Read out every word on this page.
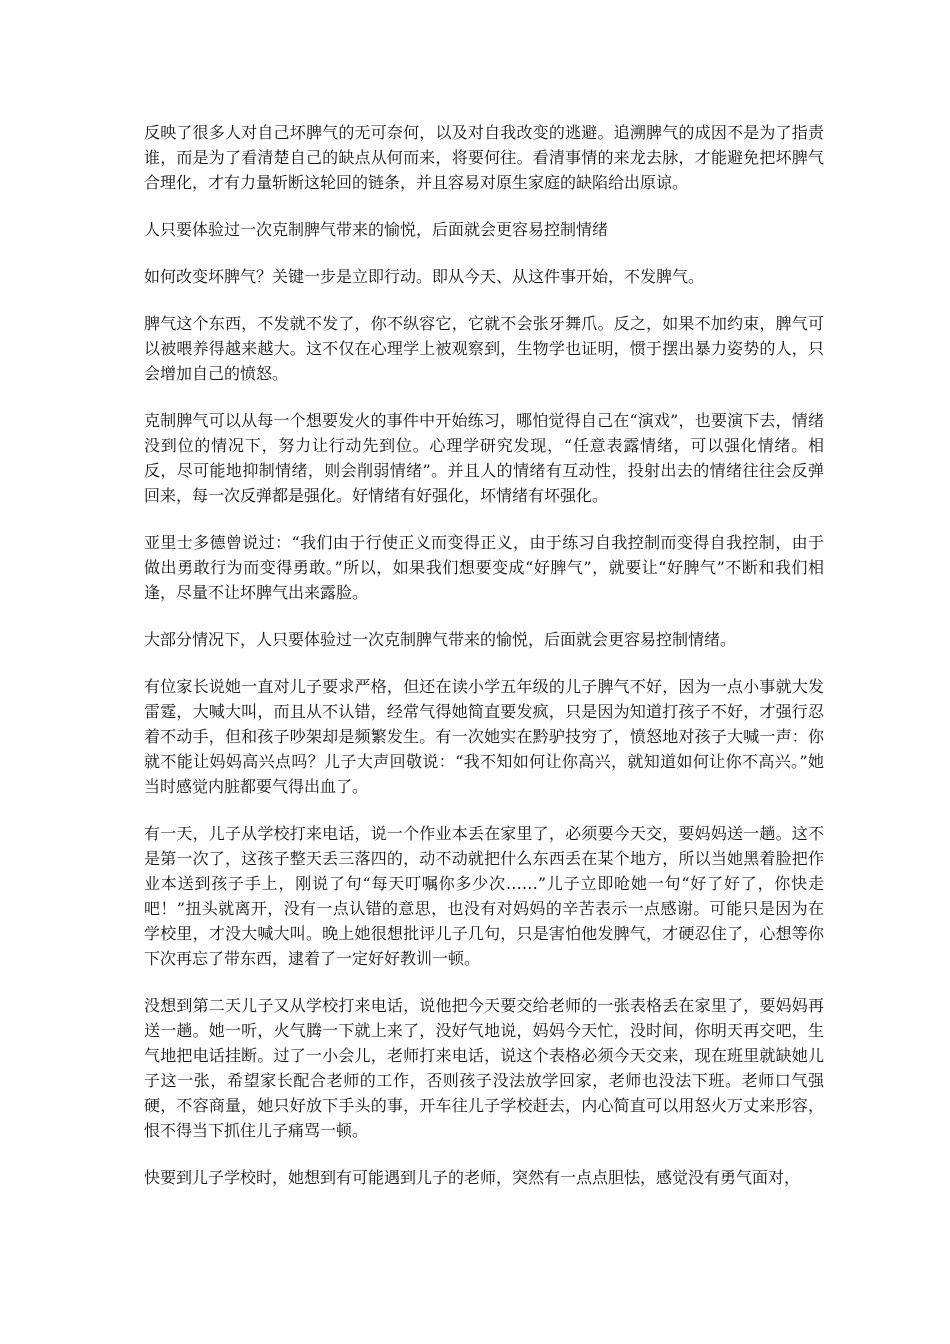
反映了很多人对自己坏脾气的无可奈何，以及对自我改变的逃避。追溯脾气的成因不是为了指责谁，而是为了看清楚自己的缺点从何而来，将要何往。看清事情的来龙去脉，才能避免把坏脾气合理化，才有力量斩断这轮回的链条，并且容易对原生家庭的缺陷给出原谅。

人只要体验过一次克制脾气带来的愉悦，后面就会更容易控制情绪

如何改变坏脾气？关键一步是立即行动。即从今天、从这件事开始，不发脾气。

脾气这个东西，不发就不发了，你不纵容它，它就不会张牙舞爪。反之，如果不加约束，脾气可以被喂养得越来越大。这不仅在心理学上被观察到，生物学也证明，惯于摆出暴力姿势的人，只会增加自己的愤怒。

克制脾气可以从每一个想要发火的事件中开始练习，哪怕觉得自己在“演戏”，也要演下去，情绪没到位的情况下，努力让行动先到位。心理学研究发现，“任意表露情绪，可以强化情绪。相反，尽可能地抑制情绪，则会削弱情绪”。并且人的情绪有互动性，投射出去的情绪往往会反弹回来，每一次反弹都是强化。好情绪有好强化，坏情绪有坏强化。

亚里士多德曾说过：“我们由于行使正义而变得正义，由于练习自我控制而变得自我控制，由于做出勇敢行为而变得勇敢。”所以，如果我们想要变成“好脾气”，就要让“好脾气”不断和我们相逢，尽量不让坏脾气出来露脸。

大部分情况下，人只要体验过一次克制脾气带来的愉悦，后面就会更容易控制情绪。

有位家长说她一直对儿子要求严格，但还在读小学五年级的儿子脾气不好，因为一点小事就大发雷霆，大喊大叫，而且从不认错，经常气得她简直要发疯，只是因为知道打孩子不好，才强行忍着不动手，但和孩子吵架却是频繁发生。有一次她实在黔驴技穷了，愤怒地对孩子大喊一声：你就不能让妈妈高兴点吗？儿子大声回敬说：“我不知如何让你高兴，就知道如何让你不高兴。”她当时感觉内脏都要气得出血了。

有一天，儿子从学校打来电话，说一个作业本丢在家里了，必须要今天交，要妈妈送一趟。这不是第一次了，这孩子整天丢三落四的，动不动就把什么东西丢在某个地方，所以当她黑着脸把作业本送到孩子手上，刚说了句“每天叮嘱你多少次……”儿子立即呛她一句“好了好了，你快走吧！”扭头就离开，没有一点认错的意思，也没有对妈妈的辛苦表示一点感谢。可能只是因为在学校里，才没大喊大叫。晚上她很想批评儿子几句，只是害怕他发脾气，才硬忍住了，心想等你下次再忘了带东西，逮着了一定好好教训一顿。

没想到第二天儿子又从学校打来电话，说他把今天要交给老师的一张表格丢在家里了，要妈妈再送一趟。她一听，火气腾一下就上来了，没好气地说，妈妈今天忙，没时间，你明天再交吧，生气地把电话挂断。过了一小会儿，老师打来电话，说这个表格必须今天交来，现在班里就缺她儿子这一张，希望家长配合老师的工作，否则孩子没法放学回家，老师也没法下班。老师口气强硬，不容商量，她只好放下手头的事，开车往儿子学校赶去，内心简直可以用怒火万丈来形容，恨不得当下抓住儿子痛骂一顿。

快要到儿子学校时，她想到有可能遇到儿子的老师，突然有一点点胆怯，感觉没有勇气面对，
